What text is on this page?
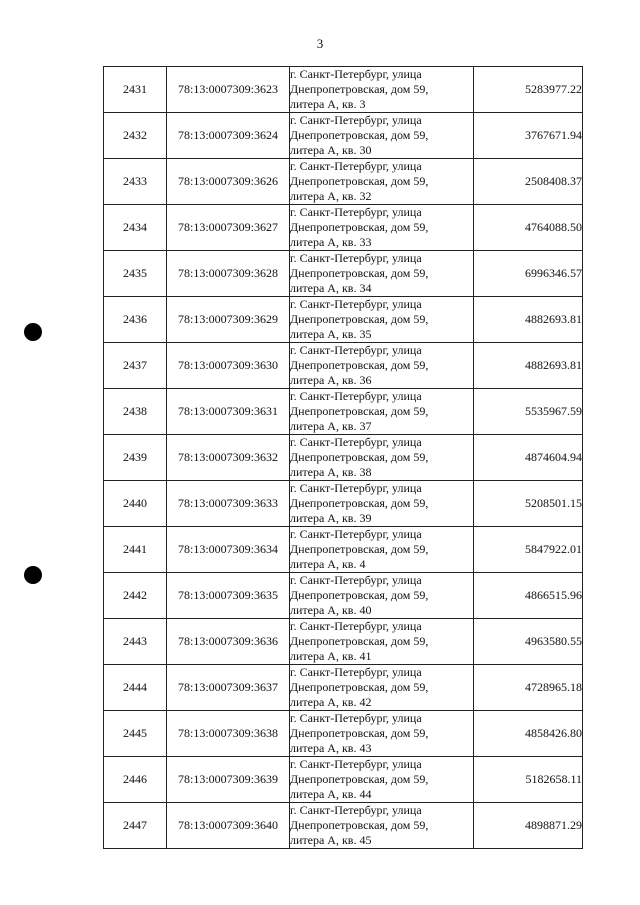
3
2431	78:13:0007309:3623	г. Санкт-Петербург, улица
Днепропетровская, дом 59,
литера А, кв. 3	5283977.22
2432	78:13:0007309:3624	г. Санкт-Петербург, улица
Днепропетровская, дом 59,
литера А, кв. 30	3767671.94
2433	78:13:0007309:3626	г. Санкт-Петербург, улица
Днепропетровская, дом 59,
литера А, кв. 32	2508408.37
2434	78:13:0007309:3627	г. Санкт-Петербург, улица
Днепропетровская, дом 59,
литера А, кв. 33	4764088.50
2435	78:13:0007309:3628	г. Санкт-Петербург, улица
Днепропетровская, дом 59,
литера А, кв. 34	6996346.57
2436	78:13:0007309:3629	г. Санкт-Петербург, улица
Днепропетровская, дом 59,
литера А, кв. 35	4882693.81
2437	78:13:0007309:3630	г. Санкт-Петербург, улица
Днепропетровская, дом 59,
литера А, кв. 36	4882693.81
2438	78:13:0007309:3631	г. Санкт-Петербург, улица
Днепропетровская, дом 59,
литера А, кв. 37	5535967.59
2439	78:13:0007309:3632	г. Санкт-Петербург, улица
Днепропетровская, дом 59,
литера А, кв. 38	4874604.94
2440	78:13:0007309:3633	г. Санкт-Петербург, улица
Днепропетровская, дом 59,
литера А, кв. 39	5208501.15
2441	78:13:0007309:3634	г. Санкт-Петербург, улица
Днепропетровская, дом 59,
литера А, кв. 4	5847922.01
2442	78:13:0007309:3635	г. Санкт-Петербург, улица
Днепропетровская, дом 59,
литера А, кв. 40	4866515.96
2443	78:13:0007309:3636	г. Санкт-Петербург, улица
Днепропетровская, дом 59,
литера А, кв. 41	4963580.55
2444	78:13:0007309:3637	г. Санкт-Петербург, улица
Днепропетровская, дом 59,
литера А, кв. 42	4728965.18
2445	78:13:0007309:3638	г. Санкт-Петербург, улица
Днепропетровская, дом 59,
литера А, кв. 43	4858426.80
2446	78:13:0007309:3639	г. Санкт-Петербург, улица
Днепропетровская, дом 59,
литера А, кв. 44	5182658.11
2447	78:13:0007309:3640	г. Санкт-Петербург, улица
Днепропетровская, дом 59,
литера А, кв. 45	4898871.29
